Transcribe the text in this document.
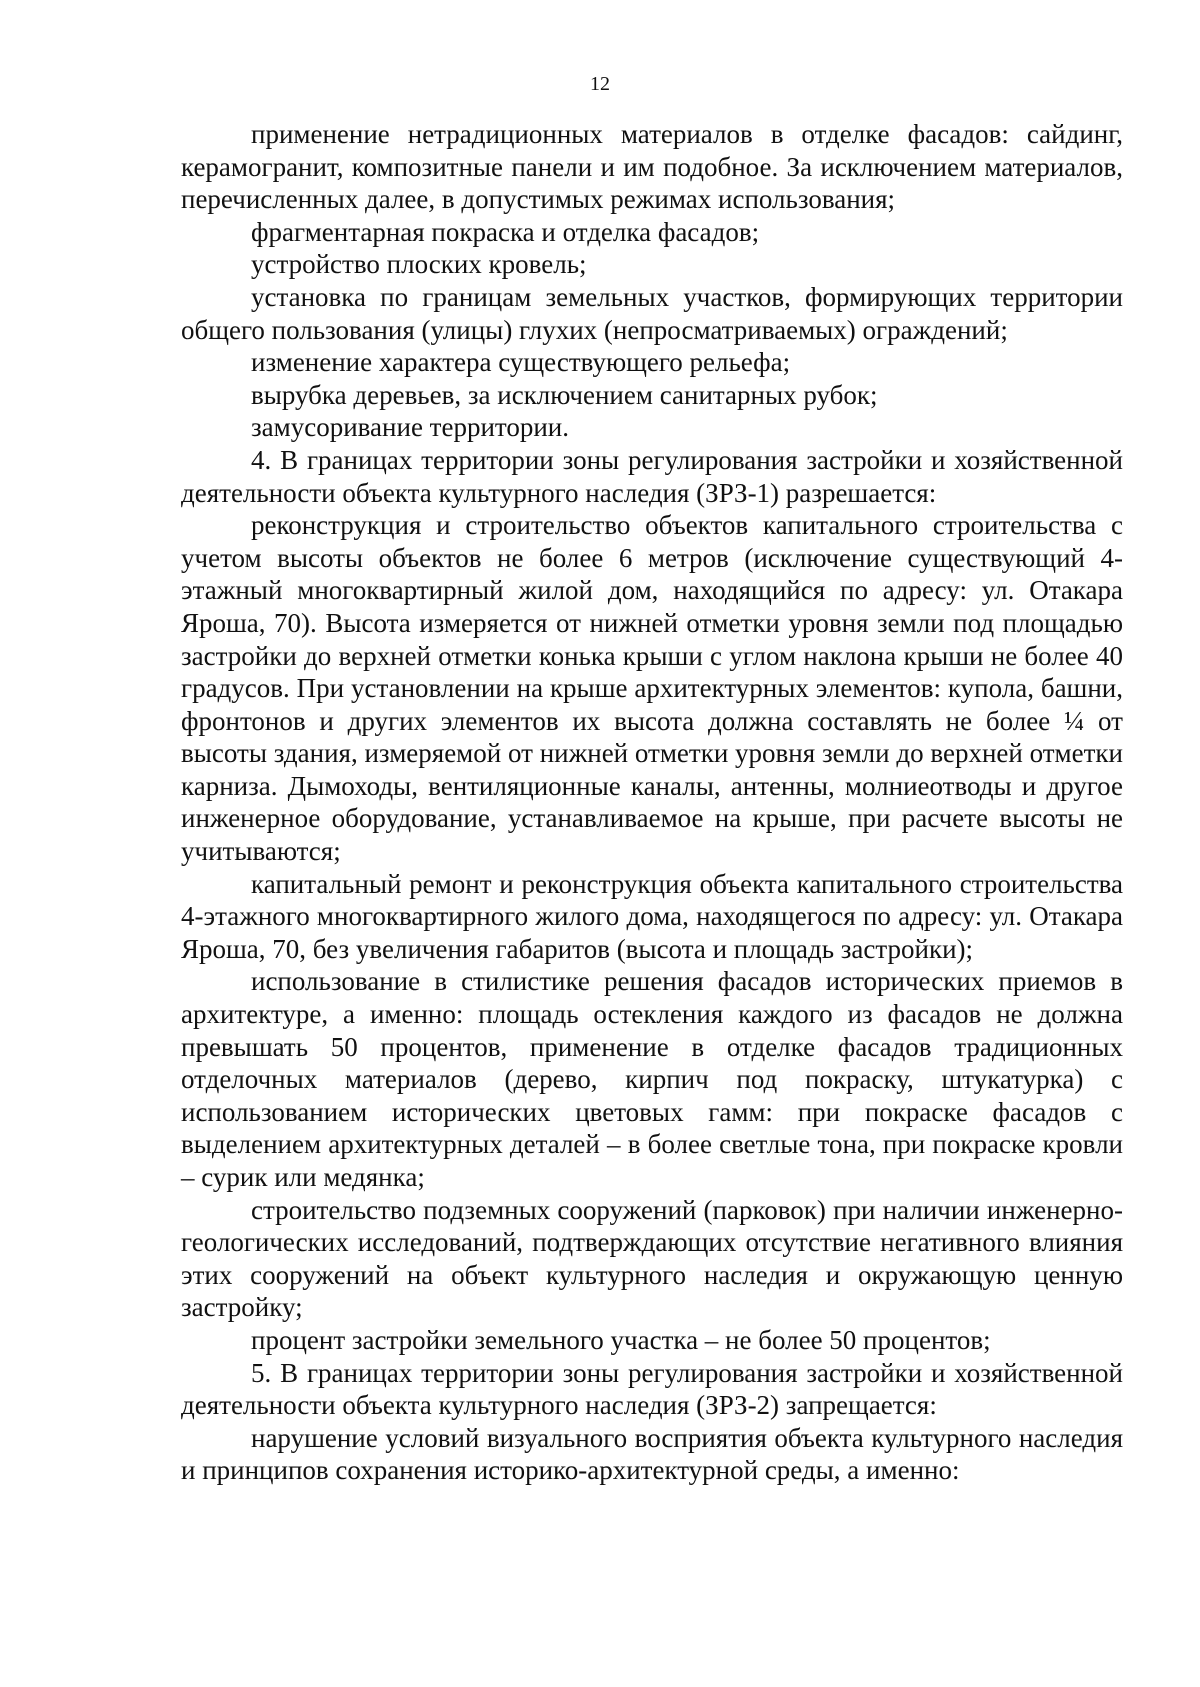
12

применение нетрадиционных материалов в отделке фасадов: сайдинг, керамогранит, композитные панели и им подобное. За исключением материалов, перечисленных далее, в допустимых режимах использования;

фрагментарная покраска и отделка фасадов;

устройство плоских кровель;

установка по границам земельных участков, формирующих территории общего пользования (улицы) глухих (непросматриваемых) ограждений;

изменение характера существующего рельефа;

вырубка деревьев, за исключением санитарных рубок;

замусоривание территории.

4. В границах территории зоны регулирования застройки и хозяйственной деятельности объекта культурного наследия (ЗРЗ-1) разрешается:

реконструкция и строительство объектов капитального строительства с учетом высоты объектов не более 6 метров (исключение существующий 4-этажный многоквартирный жилой дом, находящийся по адресу: ул. Отакара Яроша, 70). Высота измеряется от нижней отметки уровня земли под площадью застройки до верхней отметки конька крыши с углом наклона крыши не более 40 градусов. При установлении на крыше архитектурных элементов: купола, башни, фронтонов и других элементов их высота должна составлять не более ¼ от высоты здания, измеряемой от нижней отметки уровня земли до верхней отметки карниза. Дымоходы, вентиляционные каналы, антенны, молниеотводы и другое инженерное оборудование, устанавливаемое на крыше, при расчете высоты не учитываются;

капитальный ремонт и реконструкция объекта капитального строительства 4-этажного многоквартирного жилого дома, находящегося по адресу: ул. Отакара Яроша, 70, без увеличения габаритов (высота и площадь застройки);

использование в стилистике решения фасадов исторических приемов в архитектуре, а именно: площадь остекления каждого из фасадов не должна превышать 50 процентов, применение в отделке фасадов традиционных отделочных материалов (дерево, кирпич под покраску, штукатурка) с использованием исторических цветовых гамм: при покраске фасадов с выделением архитектурных деталей – в более светлые тона, при покраске кровли – сурик или медянка;

строительство подземных сооружений (парковок) при наличии инженерно-геологических исследований, подтверждающих отсутствие негативного влияния этих сооружений на объект культурного наследия и окружающую ценную застройку;

процент застройки земельного участка – не более 50 процентов;

5. В границах территории зоны регулирования застройки и хозяйственной деятельности объекта культурного наследия (ЗРЗ-2) запрещается:

нарушение условий визуального восприятия объекта культурного наследия и принципов сохранения историко-архитектурной среды, а именно:
